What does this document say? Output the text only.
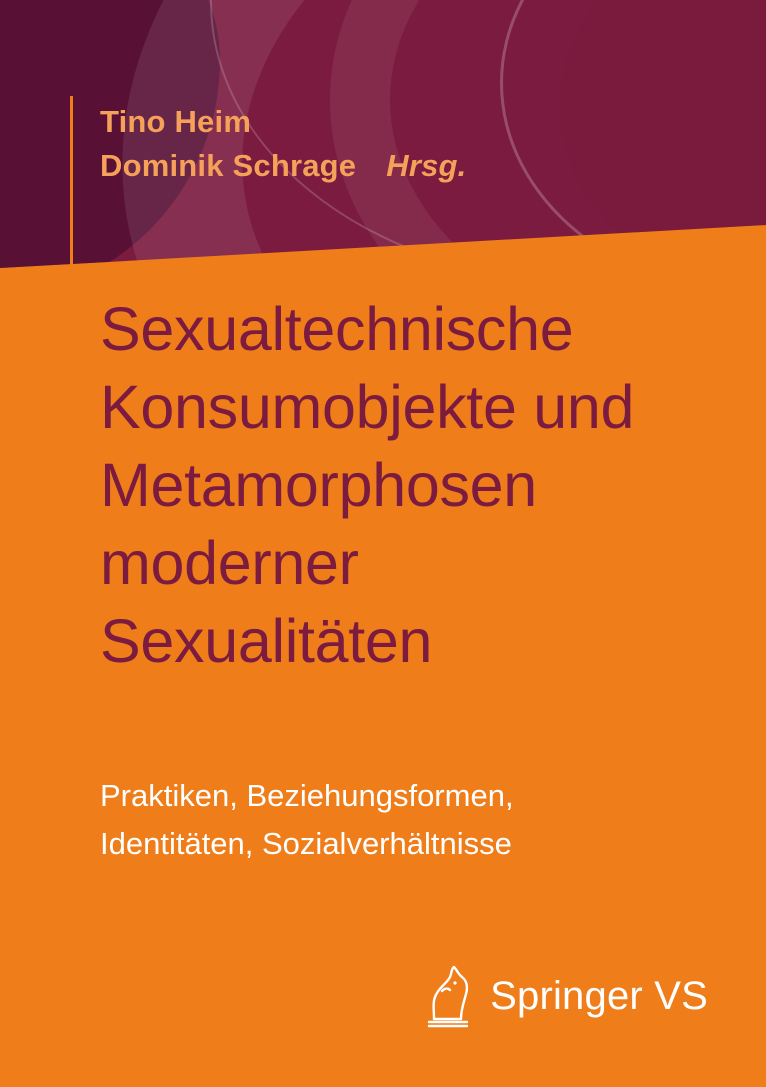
Tino Heim
Dominik Schrage Hrsg.
Sexualtechnische
Konsumobjekte und
Metamorphosen
moderner
Sexualitäten
Praktiken, Beziehungsformen,
Identitäten, Sozialverhältnisse
Springer VS
